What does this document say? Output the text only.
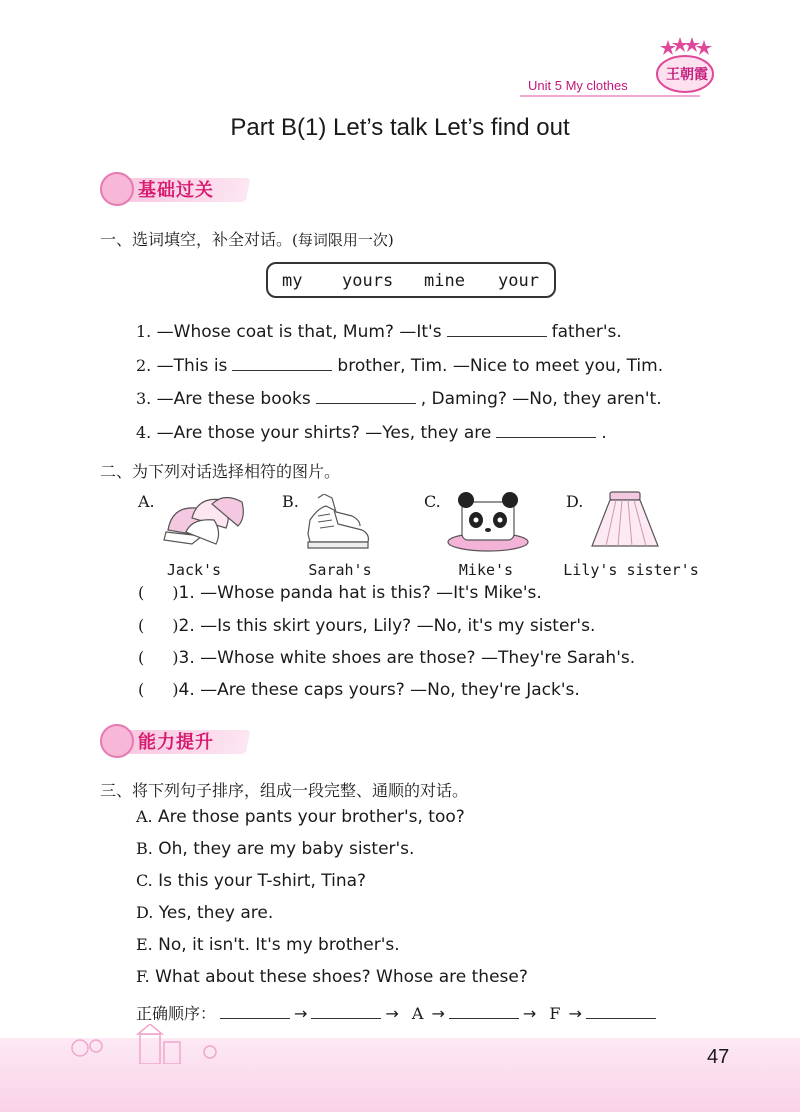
王朝霞
Unit 5 My clothes
Part B(1) Let’s talk Let’s find out
基础过关
一、选词填空，补全对话。(每词限用一次)
my yours mine your
1. —Whose coat is that, Mum? —It's	father's.
2. —This is	brother, Tim. —Nice to meet you, Tim.
3. —Are these books	, Daming? —No, they aren't.
4. —Are those your shirts? —Yes, they are	.
二、为下列对话选择相符的图片。
A.
Jack's
B.
Sarah's
C.
Mike's
D.
Lily's sister's
( )1. —Whose panda hat is this? —It's Mike's.
( )2. —Is this skirt yours, Lily? —No, it's my sister's.
( )3. —Whose white shoes are those? —They're Sarah's.
( )4. —Are these caps yours? —No, they're Jack's.
能力提升
三、将下列句子排序，组成一段完整、通顺的对话。
A. Are those pants your brother's, too?
B. Oh, they are my baby sister's.
C. Is this your T-shirt, Tina?
D. Yes, they are.
E. No, it isn't. It's my brother's.
F. What about these shoes? Whose are these?
正确顺序：	→	→ A →	→ F →
47
